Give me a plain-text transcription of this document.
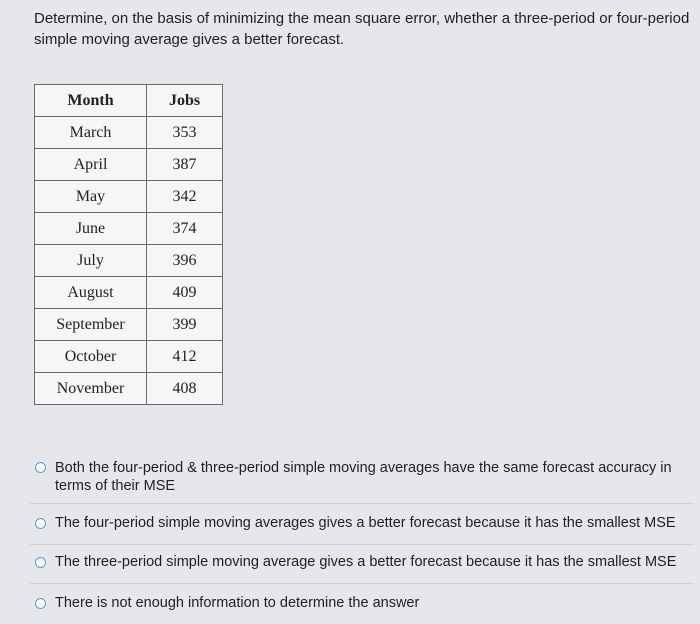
Determine, on the basis of minimizing the mean square error, whether a three-period or four-period simple moving average gives a better forecast.
Month	Jobs
March	353
April	387
May	342
June	374
July	396
August	409
September	399
October	412
November	408
Both the four-period & three-period simple moving averages have the same forecast accuracy in terms of their MSE
The four-period simple moving averages gives a better forecast because it has the smallest MSE
The three-period simple moving average gives a better forecast because it has the smallest MSE
There is not enough information to determine the answer
